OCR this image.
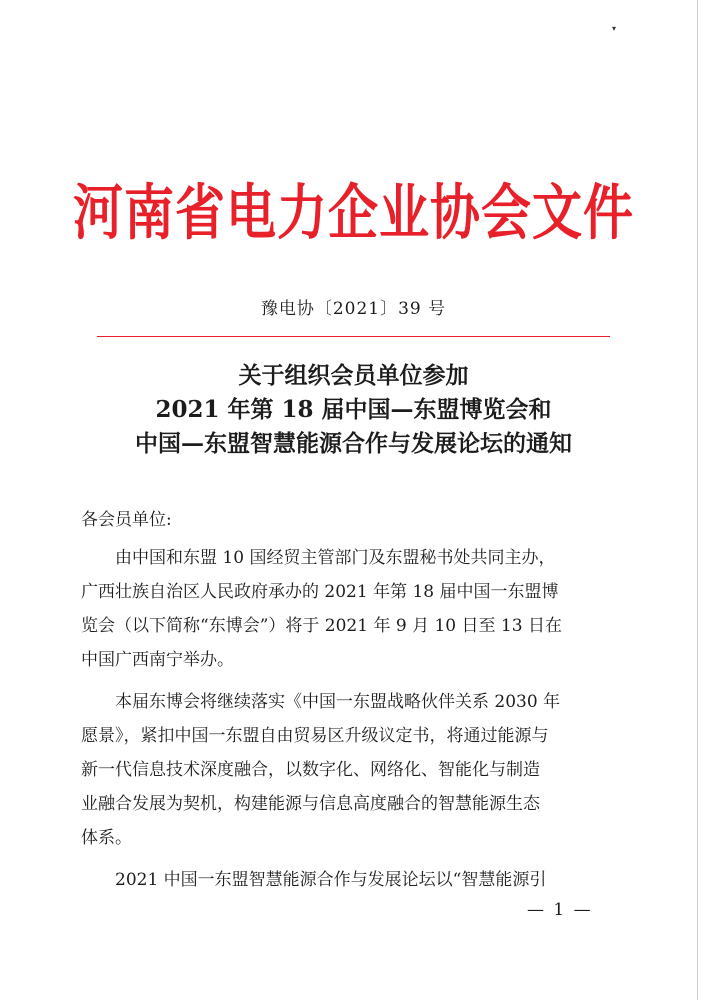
▾
河南省电力企业协会文件
豫电协〔2021〕39 号
关于组织会员单位参加
2021 年第 18 届中国—东盟博览会和
中国—东盟智慧能源合作与发展论坛的通知
各会员单位:
由中国和东盟 10 国经贸主管部门及东盟秘书处共同主办，
广西壮族自治区人民政府承办的 2021 年第 18 届中国一东盟博
览会（以下简称“东博会”）将于 2021 年 9 月 10 日至 13 日在
中国广西南宁举办。
本届东博会将继续落实《中国一东盟战略伙伴关系 2030 年
愿景》，紧扣中国一东盟自由贸易区升级议定书，将通过能源与
新一代信息技术深度融合，以数字化、网络化、智能化与制造
业融合发展为契机，构建能源与信息高度融合的智慧能源生态
体系。
2021 中国一东盟智慧能源合作与发展论坛以“智慧能源引
— 1 —
